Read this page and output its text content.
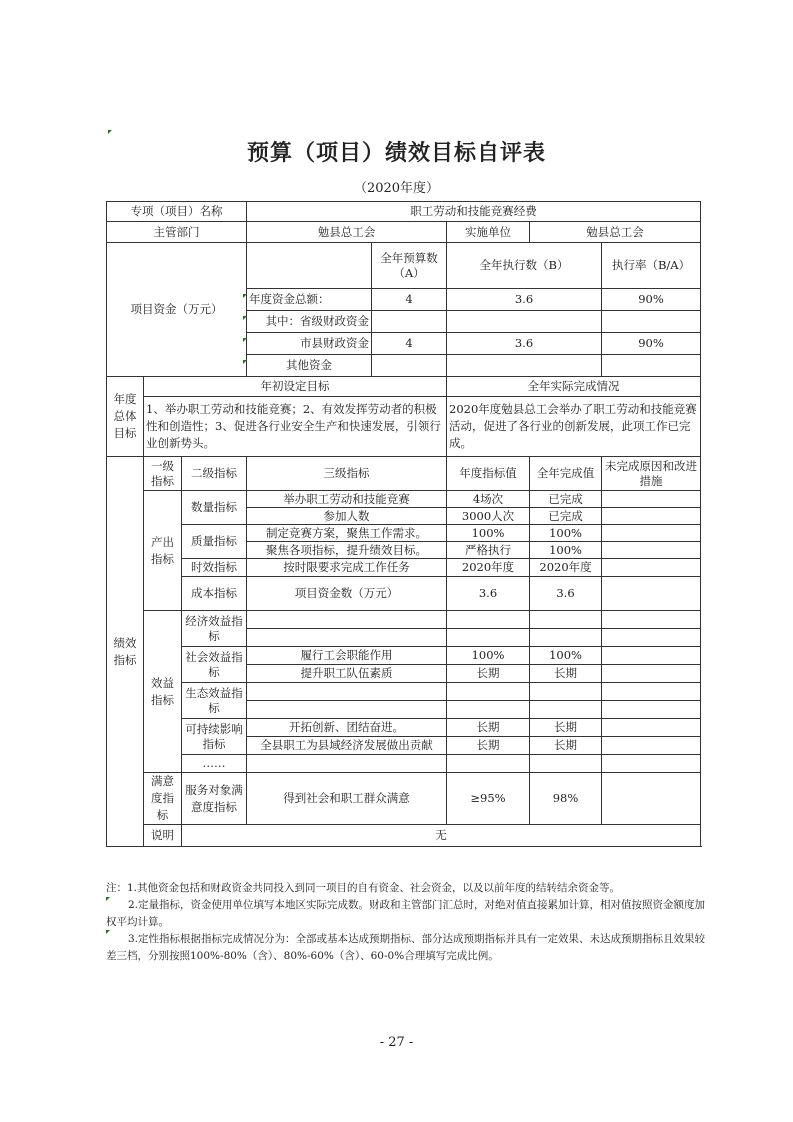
预算（项目）绩效目标自评表
（2020年度）
专项（项目）名称			职工劳动和技能竞赛经费				
主管部门			勉县总工会		实施单位	勉县总工会	
项目资金（万元）				全年预算数（A）	全年执行数（B）		执行率（B/A）
			年度资金总额：	4	3.6		90%
			其中：省级财政资金				
			市县财政资金	4	3.6		90%
			其他资金				
年度总体目标	年初设定目标				全年实际完成情况		
	1、举办职工劳动和技能竞赛；2、有效发挥劳动者的积极性和创造性；3、促进各行业安全生产和快速发展，引领行业创新势头。				2020年度勉县总工会举办了职工劳动和技能竞赛活动，促进了各行业的创新发展，此项工作已完成。		
绩效指标	一级指标	二级指标	三级指标		年度指标值	全年完成值	未完成原因和改进措施
	产出指标	数量指标	举办职工劳动和技能竞赛		4场次	已完成	
			参加人数		3000人次	已完成	
		质量指标	制定竞赛方案，聚焦工作需求。		100%	100%	
			聚焦各项指标，提升绩效目标。		严格执行	100%	
		时效指标	按时限要求完成工作任务		2020年度	2020年度	
		成本指标	项目资金数（万元）		3.6	3.6	

	效益指标	经济效益指标					

		社会效益指标	履行工会职能作用		100%	100%	
			提升职工队伍素质		长期	长期	
		生态效益指标					

		可持续影响指标	开拓创新、团结奋进。		长期	长期	
			全县职工为县域经济发展做出贡献		长期	长期	
		……					
	满意度指标	服务对象满意度指标	得到社会和职工群众满意		≥95%	98%	
	说明	无					

注：1.其他资金包括和财政资金共同投入到同一项目的自有资金、社会资金，以及以前年度的结转结余资金等。

2.定量指标，资金使用单位填写本地区实际完成数。财政和主管部门汇总时，对绝对值直接累加计算，相对值按照资金额度加权平均计算。

3.定性指标根据指标完成情况分为：全部或基本达成预期指标、部分达成预期指标并具有一定效果、未达成预期指标且效果较差三档，分别按照100%-80%（含）、80%-60%（含）、60-0%合理填写完成比例。

- 27 -
